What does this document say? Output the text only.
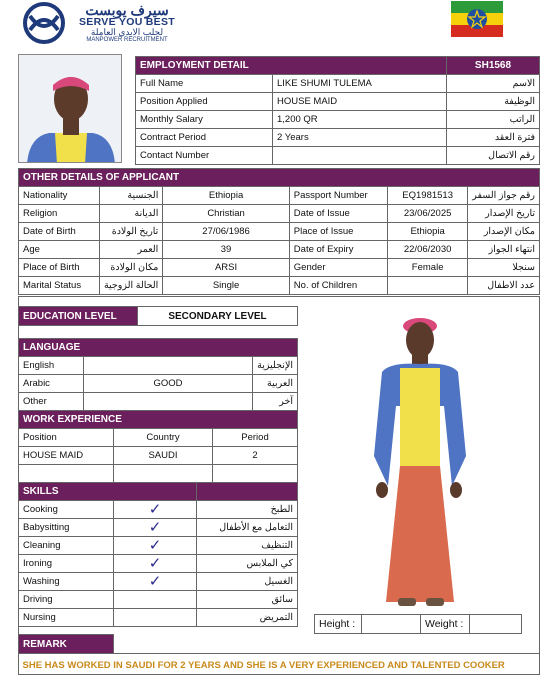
سيرف يوبست
SERVE YOU BEST
لجلب الايدي العاملة
MANPOWER RECRUITMENT
EMPLOYMENT DETAIL		SH1568
Full Name	LIKE SHUMI TULEMA	الاسم
Position Applied	HOUSE MAID	الوظيفة
Monthly Salary	1,200 QR	الراتب
Contract Period	2 Years	فترة العقد
Contact Number		رقم الاتصال
OTHER DETAILS OF APPLICANT					
Nationality	الجنسية	Ethiopia	Passport Number	EQ1981513	رقم جواز السفر
Religion	الديانة	Christian	Date of Issue	23/06/2025	تاريخ الإصدار
Date of Birth	تاريخ الولادة	27/06/1986	Place of Issue	Ethiopia	مكان الإصدار
Age	العمر	39	Date of Expiry	22/06/2030	انتهاء الجواز
Place of Birth	مكان الولادة	ARSI	Gender	Female	سنجلا
Marital Status	الحالة الزوجية	Single	No. of Children		عدد الاطفال
EDUCATION LEVEL	SECONDARY LEVEL
LANGUAGE		
English		الإنجليزية
Arabic	GOOD	العربية
Other		آخر
WORK EXPERIENCE		
Position	Country	Period
HOUSE MAID	SAUDI	2

SKILLS		
Cooking	✓	الطبخ
Babysitting	✓	التعامل مع الأطفال
Cleaning	✓	التنظيف
Ironing	✓	كي الملابس
Washing	✓	الغسيل
Driving		سائق
Nursing		التمريض
Height :		Weight :	
REMARK	
SHE HAS WORKED IN SAUDI FOR 2 YEARS AND SHE IS A VERY EXPERIENCED AND TALENTED COOKER
